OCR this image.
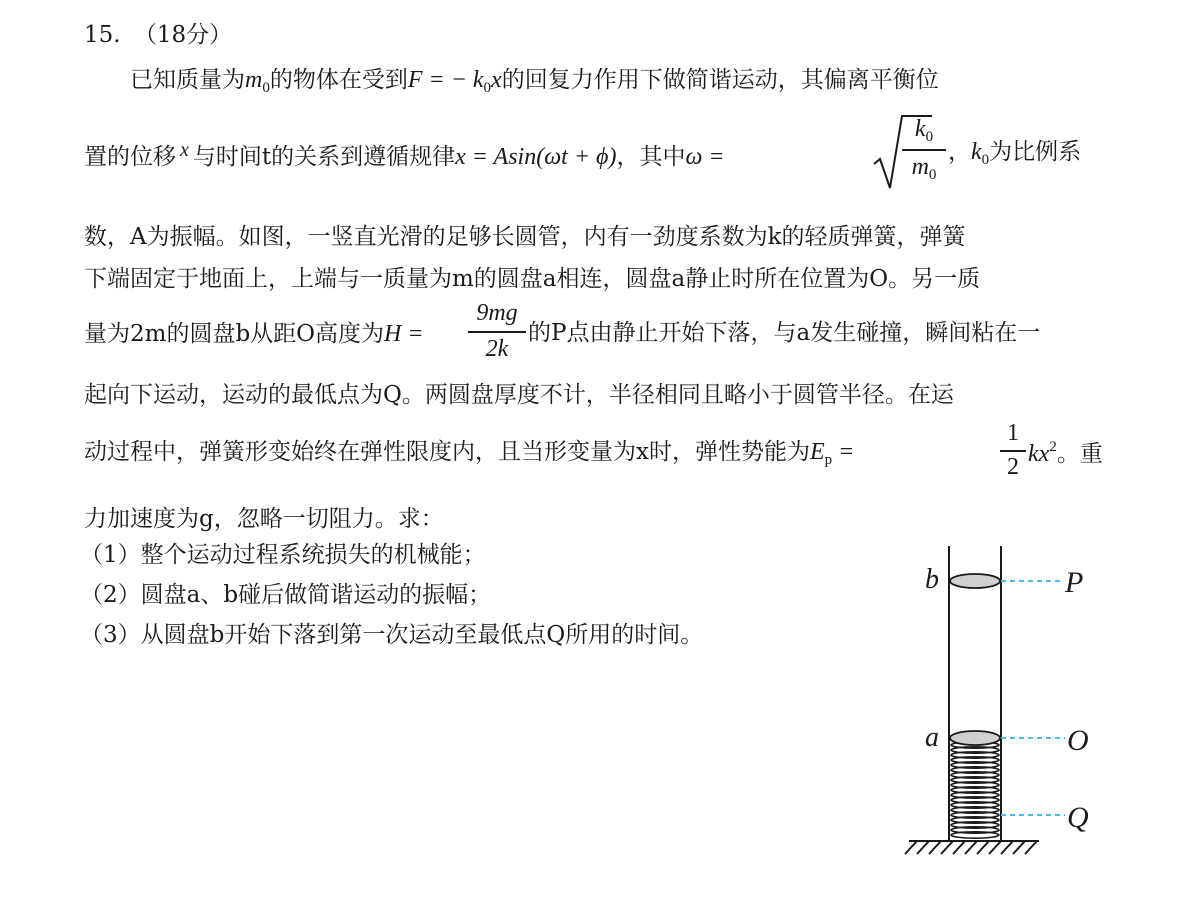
15. （18分）
已知质量为$m_0$的物体在受到F = − $k_0x$的回复力作用下做简谐运动，其偏离平衡位
置的位移 x 与时间t的关系到遵循规律x = Asin(ωt + ϕ)，其中ω =
$k_0$
$m_0$
，$k_0$为比例系
数，A为振幅。如图，一竖直光滑的足够长圆管，内有一劲度系数为k的轻质弹簧，弹簧
下端固定于地面上，上端与一质量为m的圆盘a相连，圆盘a静止时所在位置为O。另一质
量为2m的圆盘b从距O高度为H =
9mg
2k
的P点由静止开始下落，与a发生碰撞，瞬间粘在一
起向下运动，运动的最低点为Q。两圆盘厚度不计，半径相同且略小于圆管半径。在运
动过程中，弹簧形变始终在弹性限度内，且当形变量为x时，弹性势能为$E_p$ =
1
2 $kx^2$。重
力加速度为g，忽略一切阻力。求：
（1）整个运动过程系统损失的机械能；
（2）圆盘a、b碰后做简谐运动的振幅；
（3）从圆盘b开始下落到第一次运动至最低点Q所用的时间。
b	P
a	O
Q
